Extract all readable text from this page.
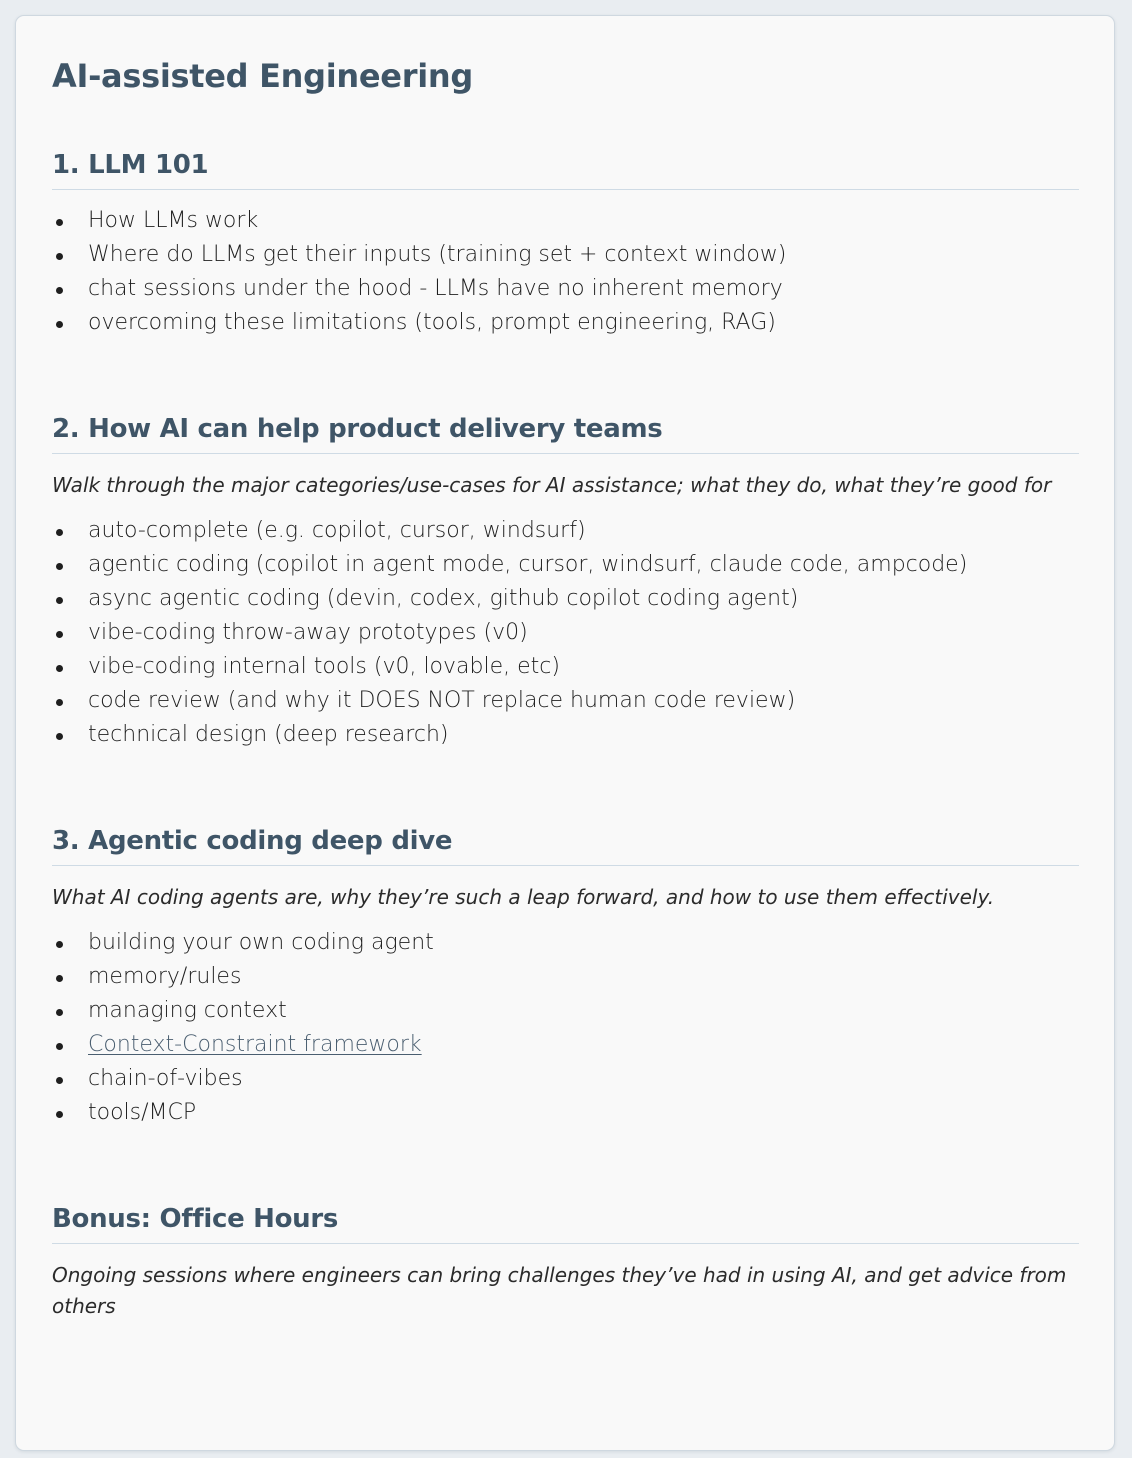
AI-assisted Engineering
1. LLM 101
How LLMs work
Where do LLMs get their inputs (training set + context window)
chat sessions under the hood - LLMs have no inherent memory
overcoming these limitations (tools, prompt engineering, RAG)
2. How AI can help product delivery teams

Walk through the major categories/use-cases for AI assistance; what they do, what they’re good for

auto-complete (e.g. copilot, cursor, windsurf)
agentic coding (copilot in agent mode, cursor, windsurf, claude code, ampcode)
async agentic coding (devin, codex, github copilot coding agent)
vibe-coding throw-away prototypes (v0)
vibe-coding internal tools (v0, lovable, etc)
code review (and why it DOES NOT replace human code review)
technical design (deep research)
3. Agentic coding deep dive

What AI coding agents are, why they’re such a leap forward, and how to use them effectively.

building your own coding agent
memory/rules
managing context
Context-Constraint framework
chain-of-vibes
tools/MCP
Bonus: Office Hours

Ongoing sessions where engineers can bring challenges they’ve had in using AI, and get advice from others
